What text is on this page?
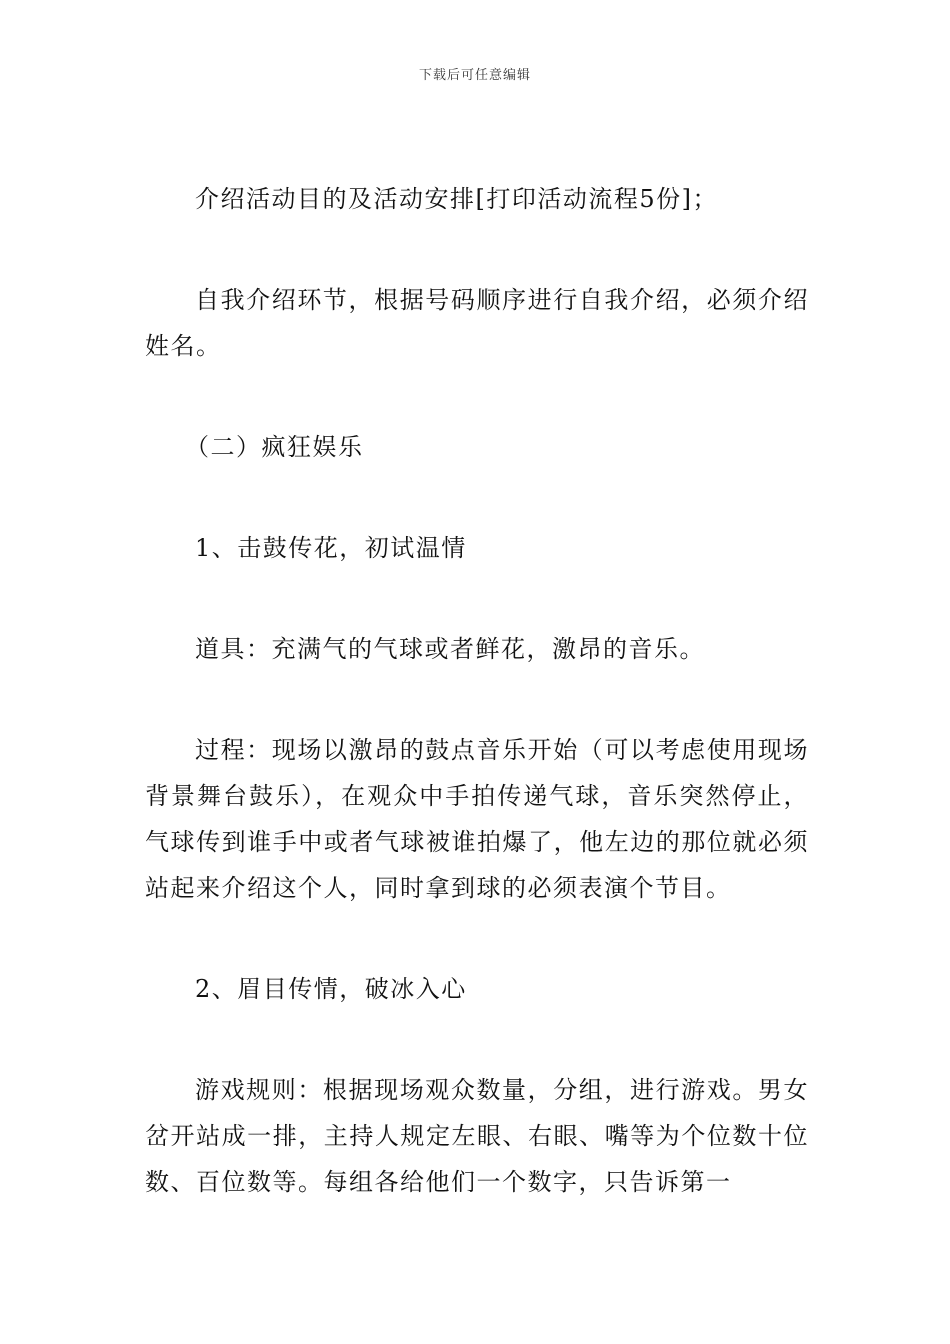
下载后可任意编辑

介绍活动目的及活动安排[打印活动流程5份]；

自我介绍环节，根据号码顺序进行自我介绍，必须介绍姓名。

（二）疯狂娱乐

1、击鼓传花，初试温情

道具：充满气的气球或者鲜花，激昂的音乐。

过程：现场以激昂的鼓点音乐开始（可以考虑使用现场背景舞台鼓乐），在观众中手拍传递气球，音乐突然停止，气球传到谁手中或者气球被谁拍爆了，他左边的那位就必须站起来介绍这个人，同时拿到球的必须表演个节目。

2、眉目传情，破冰入心

游戏规则：根据现场观众数量，分组，进行游戏。男女岔开站成一排，主持人规定左眼、右眼、嘴等为个位数十位数、百位数等。每组各给他们一个数字，只告诉第一
